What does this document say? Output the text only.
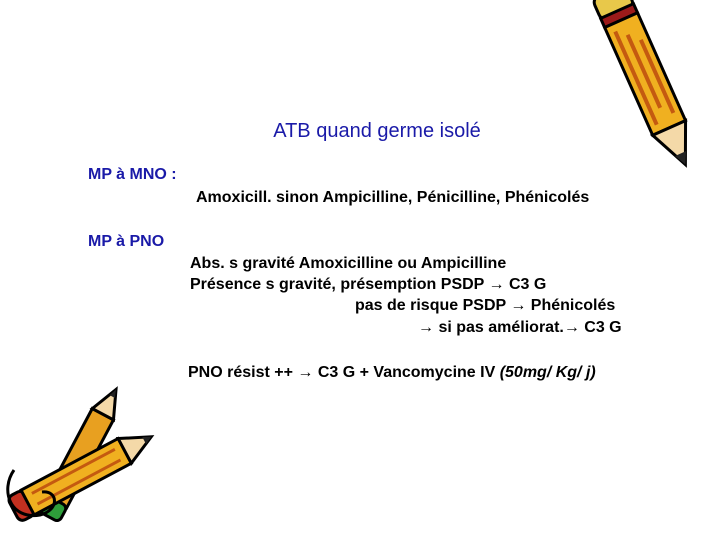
ATB quand germe isolé
MP à MNO :
Amoxicill. sinon Ampicilline, Pénicilline, Phénicolés
MP à PNO
Abs. s gravité Amoxicilline ou Ampicilline
Présence s gravité, présemption PSDP → C3 G
pas de risque PSDP → Phénicolés
→ si pas améliorat.→ C3 G
PNO résist ++ → C3 G + Vancomycine IV (50mg/ Kg/ j)
